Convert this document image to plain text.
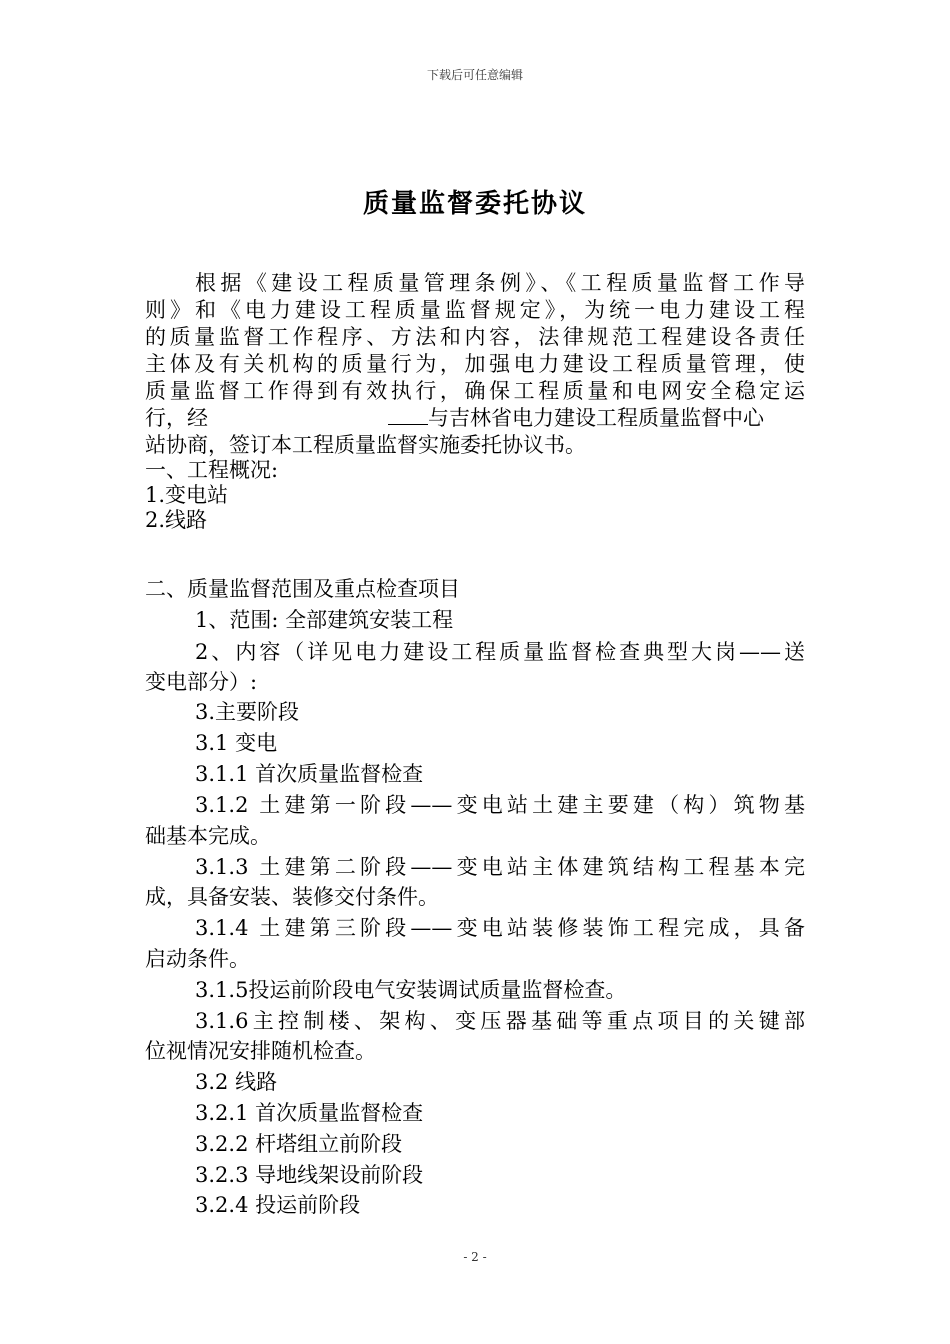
下载后可任意编辑
质量监督委托协议
根据《建设工程质量管理条例》、《工程质量监督工作导
则》和《电力建设工程质量监督规定》，为统一电力建设工程
的质量监督工作程序、方法和内容，法律规范工程建设各责任
主体及有关机构的质量行为，加强电力建设工程质量管理，使
质量监督工作得到有效执行，确保工程质量和电网安全稳定运
行，经	与吉林省电力建设工程质量监督中心
站协商，签订本工程质量监督实施委托协议书。
一、工程概况:
1.变电站
2.线路
二、质量监督范围及重点检查项目
1、范围: 全部建筑安装工程
2、内容（详见电力建设工程质量监督检查典型大岗——送
变电部分）:
3.主要阶段
3.1 变电
3.1.1 首次质量监督检查
3.1.2 土建第一阶段——变电站土建主要建（构）筑物基
础基本完成。
3.1.3 土建第二阶段——变电站主体建筑结构工程基本完
成，具备安装、装修交付条件。
3.1.4 土建第三阶段——变电站装修装饰工程完成，具备
启动条件。
3.1.5投运前阶段电气安装调试质量监督检查。
3.1.6主控制楼、架构、变压器基础等重点项目的关键部
位视情况安排随机检查。
3.2 线路
3.2.1 首次质量监督检查
3.2.2 杆塔组立前阶段
3.2.3 导地线架设前阶段
3.2.4 投运前阶段
- 2 -
